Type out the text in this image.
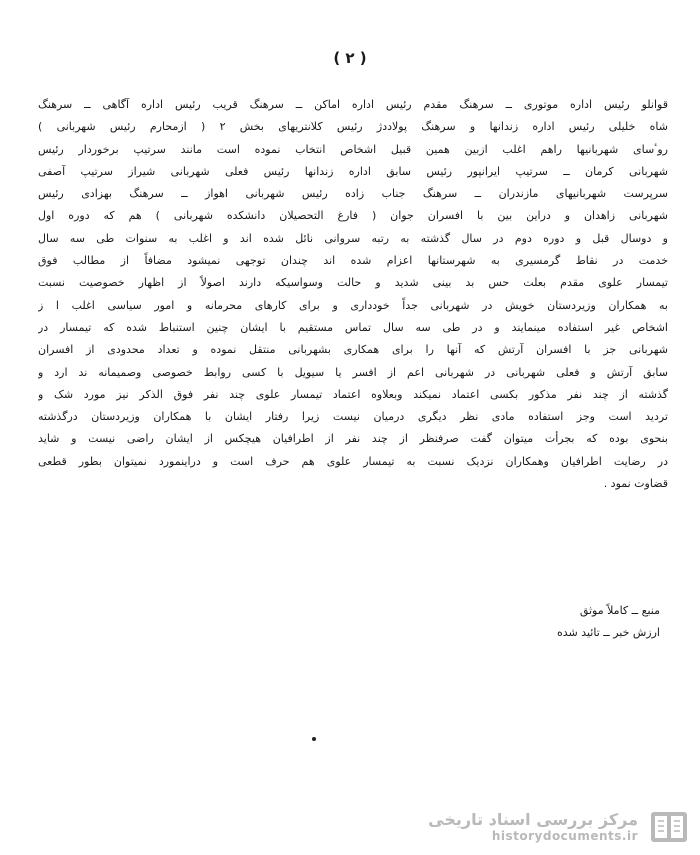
( ٢ )
قوانلو رئیس اداره موتوری ــ سرهنگ مقدم رئیس اداره اماکن ــ سرهنگ قریب رئیس اداره آگاهی ــ سرهنگ
شاه خلیلی رئیس اداره زندانها و سرهنگ پولاددژ رئیس کلانتریهای بخش ٢ ( ازمحارم رئیس شهربانی )
روٴسای شهربانیها راهم اغلب ازبین همین قبیل اشخاص انتخاب نموده است مانند سرتیپ برخوردار رئیس
شهربانی کرمان ــ سرتیپ ایرانپور رئیس سابق اداره زندانها رئیس فعلی شهربانی شیراز سرتیپ آصفی
سرپرست شهربانیهای مازندران ــ سرهنگ جناب زاده رئیس شهربانی اهواز ــ سرهنگ بهزادی رئیس
شهربانی زاهدان و دراین بین با افسران جوان ( فارغ التحصیلان دانشکده شهربانی ) هم که دوره اول
و دوسال قبل و دوره دوم در سال گذشته به رتبه سروانی نائل شده اند و اغلب به سنوات طی سه سال
خدمت در نقاط گرمسیری به شهرستانها اعزام شده اند چندان توجهی نمیشود مضافاً از مطالب فوق
تیمسار علوی مقدم بعلت حس بد بینی شدید و حالت وسواسیکه دارند اصولاً از اظهار خصوصیت نسبت
به همکاران وزیردستان خویش در شهربانی جداً خودداری و برای کارهای محرمانه و امور سیاسی اغلب ا ز
اشخاص غیر استفاده مینمایند و در طی سه سال تماس مستقیم با ایشان چنین استنباط شده که تیمسار در
شهربانی جز با افسران آرتش که آنها را برای همکاری بشهربانی منتقل نموده و تعداد محدودی از افسران
سابق آرتش و فعلی شهربانی در شهربانی اعم از افسر یا سیویل با کسی روابط خصوصی وصمیمانه ند ارد و
گذشته از چند نفر مذکور بکسی اعتماد نمیکند وبعلاوه اعتماد تیمسار علوی چند نفر فوق الذکر نیز مورد شک و
تردید است وجز استفاده مادی نظر دیگری درمیان نیست زیرا رفتار ایشان با همکاران وزیردستان درگذشته
بنحوی بوده که بجرأت میتوان گفت صرفنظر از چند نفر از اطرافیان هیچکس از ایشان راضی نیست و شاید
در رضایت اطرافیان وهمکاران نزدیک نسبت به تیمسار علوی هم حرف است و دراینمورد نمیتوان بطور قطعی
قضاوت نمود .
منبع ــ کاملاً موثق
ارزش خبر ــ تائید شده
مرکز بررسی اسناد تاریخی
historydocuments.ir
